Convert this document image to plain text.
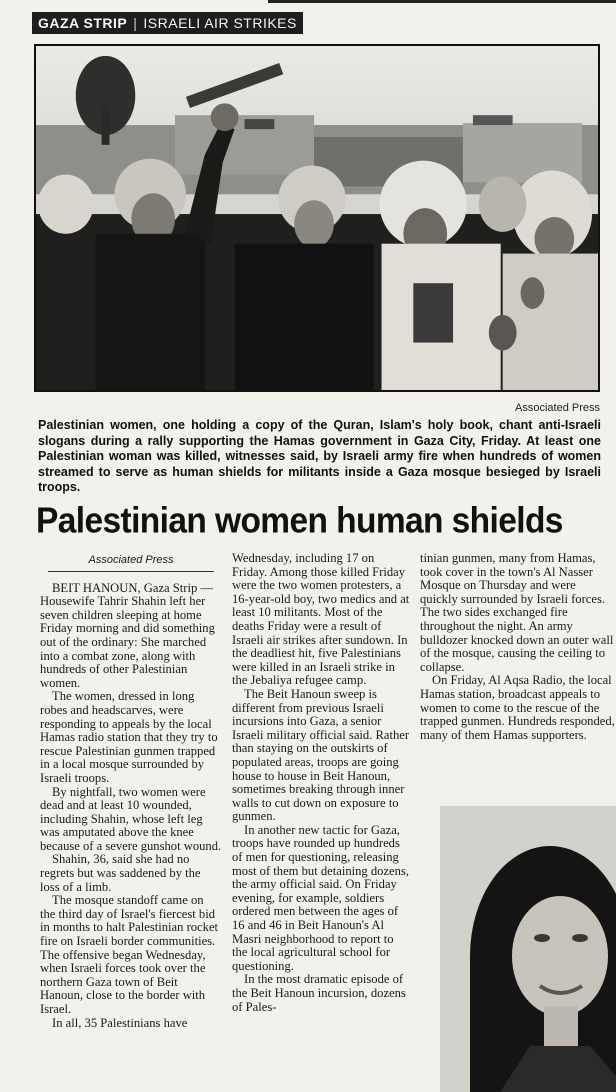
GAZA STRIP | ISRAELI AIR STRIKES
Associated Press
Palestinian women, one holding a copy of the Quran, Islam's holy book, chant anti-Israeli slogans during a rally supporting the Hamas government in Gaza City, Friday. At least one Palestinian woman was killed, witnesses said, by Israeli army fire when hundreds of women streamed to serve as human shields for militants inside a Gaza mosque besieged by Israeli troops.
Palestinian women human shields
Associated Press

BEIT HANOUN, Gaza Strip — Housewife Tahrir Shahin left her seven children sleeping at home Friday morning and did something out of the ordinary: She marched into a combat zone, along with hundreds of other Palestinian women.

The women, dressed in long robes and headscarves, were responding to appeals by the local Hamas radio station that they try to rescue Palestinian gunmen trapped in a local mosque surrounded by Israeli troops.

By nightfall, two women were dead and at least 10 wounded, including Shahin, whose left leg was amputated above the knee because of a severe gunshot wound.

Shahin, 36, said she had no regrets but was saddened by the loss of a limb.

The mosque standoff came on the third day of Israel's fiercest bid in months to halt Palestinian rocket fire on Israeli border communities. The offensive began Wednesday, when Israeli forces took over the northern Gaza town of Beit Hanoun, close to the border with Israel.

In all, 35 Palestinians have

Wednesday, including 17 on Friday. Among those killed Friday were the two women protesters, a 16-year-old boy, two medics and at least 10 militants. Most of the deaths Friday were a result of Israeli air strikes after sundown. In the deadliest hit, five Palestinians were killed in an Israeli strike in the Jebaliya refugee camp.

The Beit Hanoun sweep is different from previous Israeli incursions into Gaza, a senior Israeli military official said. Rather than staying on the outskirts of populated areas, troops are going house to house in Beit Hanoun, sometimes breaking through inner walls to cut down on exposure to gunmen.

In another new tactic for Gaza, troops have rounded up hundreds of men for questioning, releasing most of them but detaining dozens, the army official said. On Friday evening, for example, soldiers ordered men between the ages of 16 and 46 in Beit Hanoun's Al Masri neighborhood to report to the local agricultural school for questioning.

In the most dramatic episode of the Beit Hanoun incursion, dozens of Pales-

tinian gunmen, many from Hamas, took cover in the town's Al Nasser Mosque on Thursday and were quickly surrounded by Israeli forces. The two sides exchanged fire throughout the night. An army bulldozer knocked down an outer wall of the mosque, causing the ceiling to collapse.

On Friday, Al Aqsa Radio, the local Hamas station, broadcast appeals to women to come to the rescue of the trapped gunmen. Hundreds responded, many of them Hamas supporters.
